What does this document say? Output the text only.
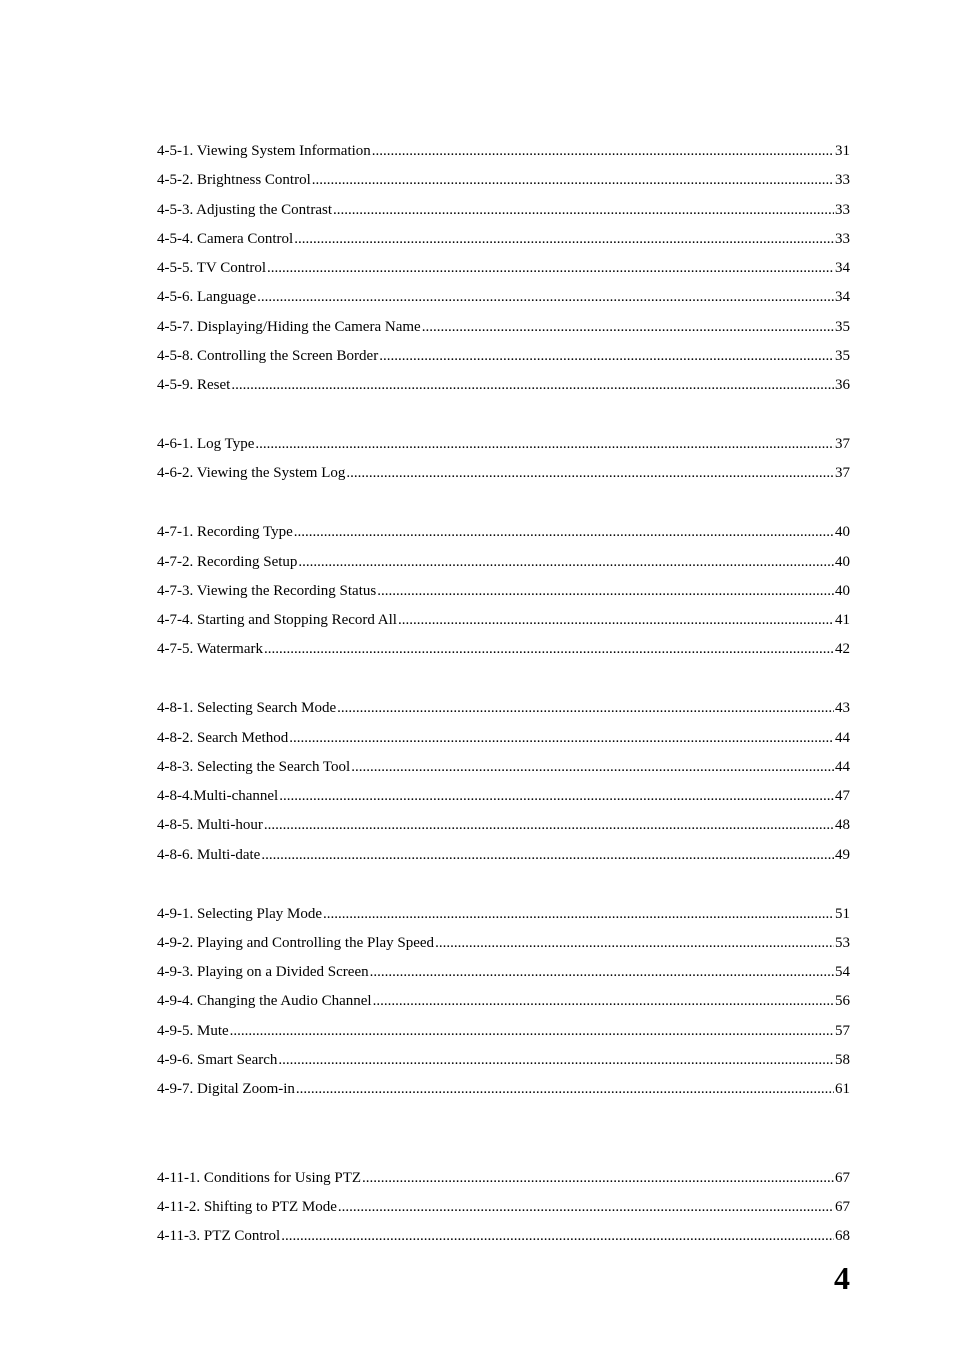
4-5-1. Viewing System Information .....	31
4-5-2. Brightness Control .....	33
4-5-3. Adjusting the Contrast .....	33
4-5-4. Camera Control .....	33
4-5-5. TV Control .....	34
4-5-6. Language .....	34
4-5-7. Displaying/Hiding the Camera Name .....	35
4-5-8. Controlling the Screen Border .....	35
4-5-9. Reset .....	36
4-6-1. Log Type .....	37
4-6-2. Viewing the System Log .....	37
4-7-1. Recording Type .....	40
4-7-2. Recording Setup .....	40
4-7-3. Viewing the Recording Status .....	40
4-7-4. Starting and Stopping Record All .....	41
4-7-5. Watermark .....	42
4-8-1. Selecting Search Mode .....	43
4-8-2. Search Method .....	44
4-8-3. Selecting the Search Tool .....	44
4-8-4.Multi-channel .....	47
4-8-5. Multi-hour .....	48
4-8-6. Multi-date .....	49
4-9-1. Selecting Play Mode .....	51
4-9-2. Playing and Controlling the Play Speed .....	53
4-9-3. Playing on a Divided Screen .....	54
4-9-4. Changing the Audio Channel .....	56
4-9-5. Mute .....	57
4-9-6. Smart Search .....	58
4-9-7. Digital Zoom-in .....	61
4-11-1. Conditions for Using PTZ .....	67
4-11-2. Shifting to PTZ Mode .....	67
4-11-3. PTZ Control .....	68
4
